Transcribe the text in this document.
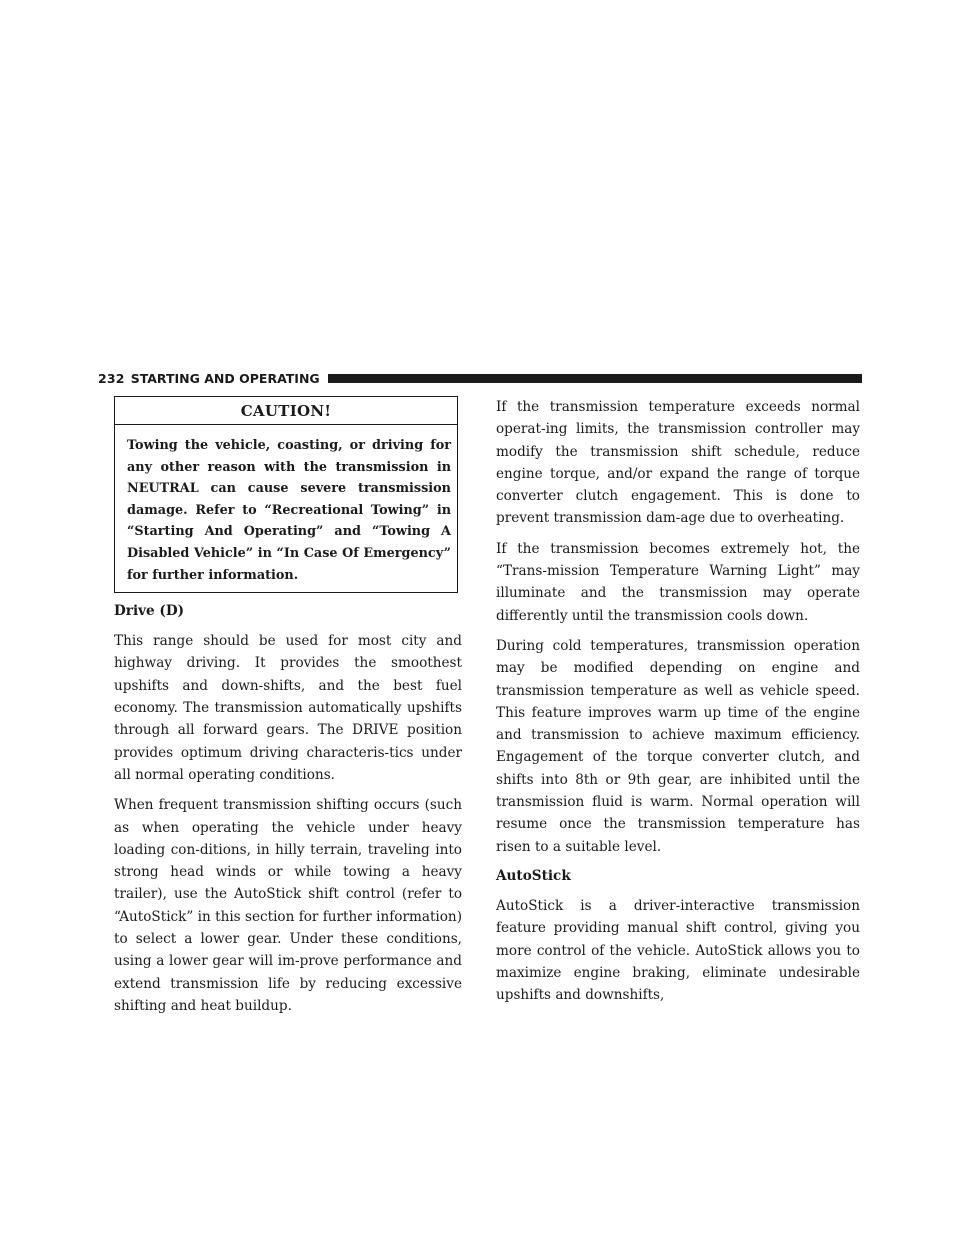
232 STARTING AND OPERATING
CAUTION!
Towing the vehicle, coasting, or driving for any other reason with the transmission in NEUTRAL can cause severe transmission damage. Refer to “Recreational Towing” in “Starting And Operating” and “Towing A Disabled Vehicle” in “In Case Of Emergency” for further information.
Drive (D)

This range should be used for most city and highway driving. It provides the smoothest upshifts and down-shifts, and the best fuel economy. The transmission automatically upshifts through all forward gears. The DRIVE position provides optimum driving characteris-tics under all normal operating conditions.

When frequent transmission shifting occurs (such as when operating the vehicle under heavy loading con-ditions, in hilly terrain, traveling into strong head winds or while towing a heavy trailer), use the AutoStick shift control (refer to “AutoStick” in this section for further information) to select a lower gear. Under these conditions, using a lower gear will im-prove performance and extend transmission life by reducing excessive shifting and heat buildup.

If the transmission temperature exceeds normal operat-ing limits, the transmission controller may modify the transmission shift schedule, reduce engine torque, and/or expand the range of torque converter clutch engagement. This is done to prevent transmission dam-age due to overheating.

If the transmission becomes extremely hot, the “Trans-mission Temperature Warning Light” may illuminate and the transmission may operate differently until the transmission cools down.

During cold temperatures, transmission operation may be modified depending on engine and transmission temperature as well as vehicle speed. This feature improves warm up time of the engine and transmission to achieve maximum efficiency. Engagement of the torque converter clutch, and shifts into 8th or 9th gear, are inhibited until the transmission fluid is warm. Normal operation will resume once the transmission temperature has risen to a suitable level.

AutoStick

AutoStick is a driver-interactive transmission feature providing manual shift control, giving you more control of the vehicle. AutoStick allows you to maximize engine braking, eliminate undesirable upshifts and downshifts,
